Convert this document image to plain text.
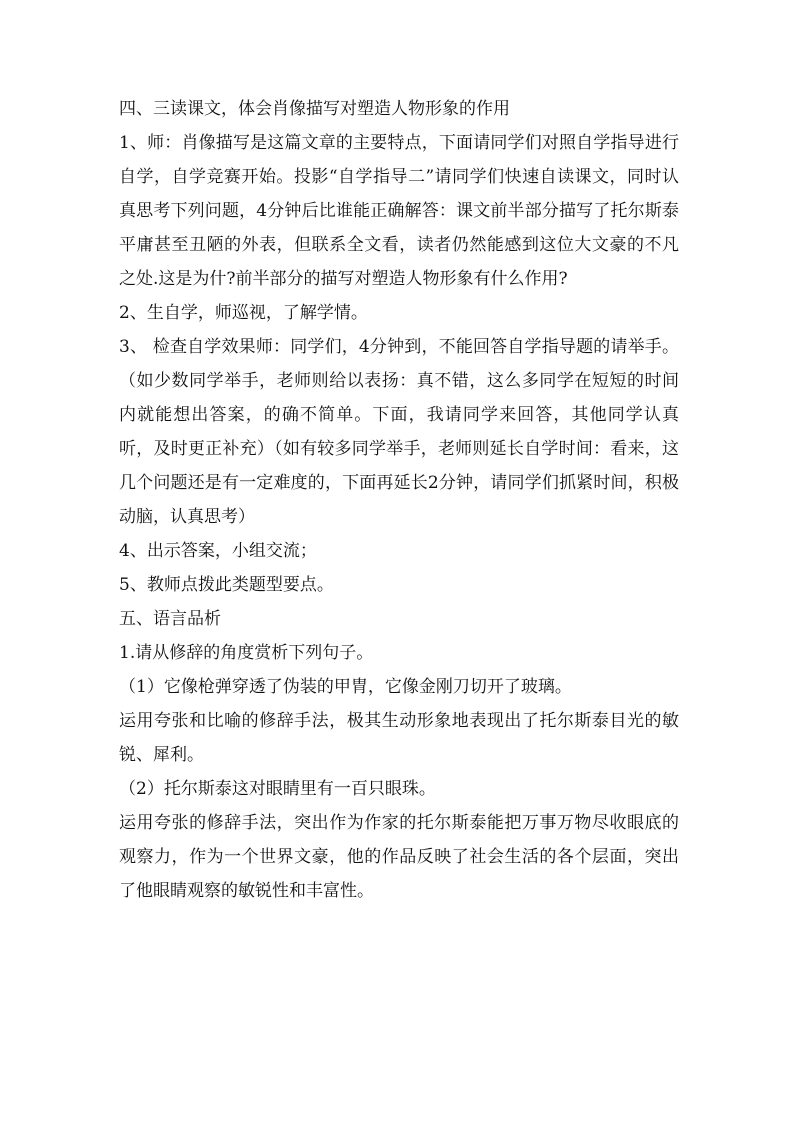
四、三读课文，体会肖像描写对塑造人物形象的作用

1、师：肖像描写是这篇文章的主要特点，下面请同学们对照自学指导进行自学，自学竞赛开始。投影“自学指导二”请同学们快速自读课文，同时认真思考下列问题，4分钟后比谁能正确解答：课文前半部分描写了托尔斯泰平庸甚至丑陋的外表，但联系全文看，读者仍然能感到这位大文豪的不凡之处.这是为什?前半部分的描写对塑造人物形象有什么作用?

2、生自学，师巡视，了解学情。

3、 检查自学效果师：同学们，4分钟到，不能回答自学指导题的请举手。（如少数同学举手，老师则给以表扬：真不错，这么多同学在短短的时间内就能想出答案，的确不简单。下面，我请同学来回答，其他同学认真听，及时更正补充）（如有较多同学举手，老师则延长自学时间：看来，这几个问题还是有一定难度的，下面再延长2分钟，请同学们抓紧时间，积极动脑，认真思考）

4、出示答案，小组交流；

5、教师点拨此类题型要点。

五、语言品析

1.请从修辞的角度赏析下列句子。

（1）它像枪弹穿透了伪装的甲胄，它像金刚刀切开了玻璃。

运用夸张和比喻的修辞手法，极其生动形象地表现出了托尔斯泰目光的敏锐、犀利。

（2）托尔斯泰这对眼睛里有一百只眼珠。

运用夸张的修辞手法，突出作为作家的托尔斯泰能把万事万物尽收眼底的观察力，作为一个世界文豪，他的作品反映了社会生活的各个层面，突出了他眼睛观察的敏锐性和丰富性。
